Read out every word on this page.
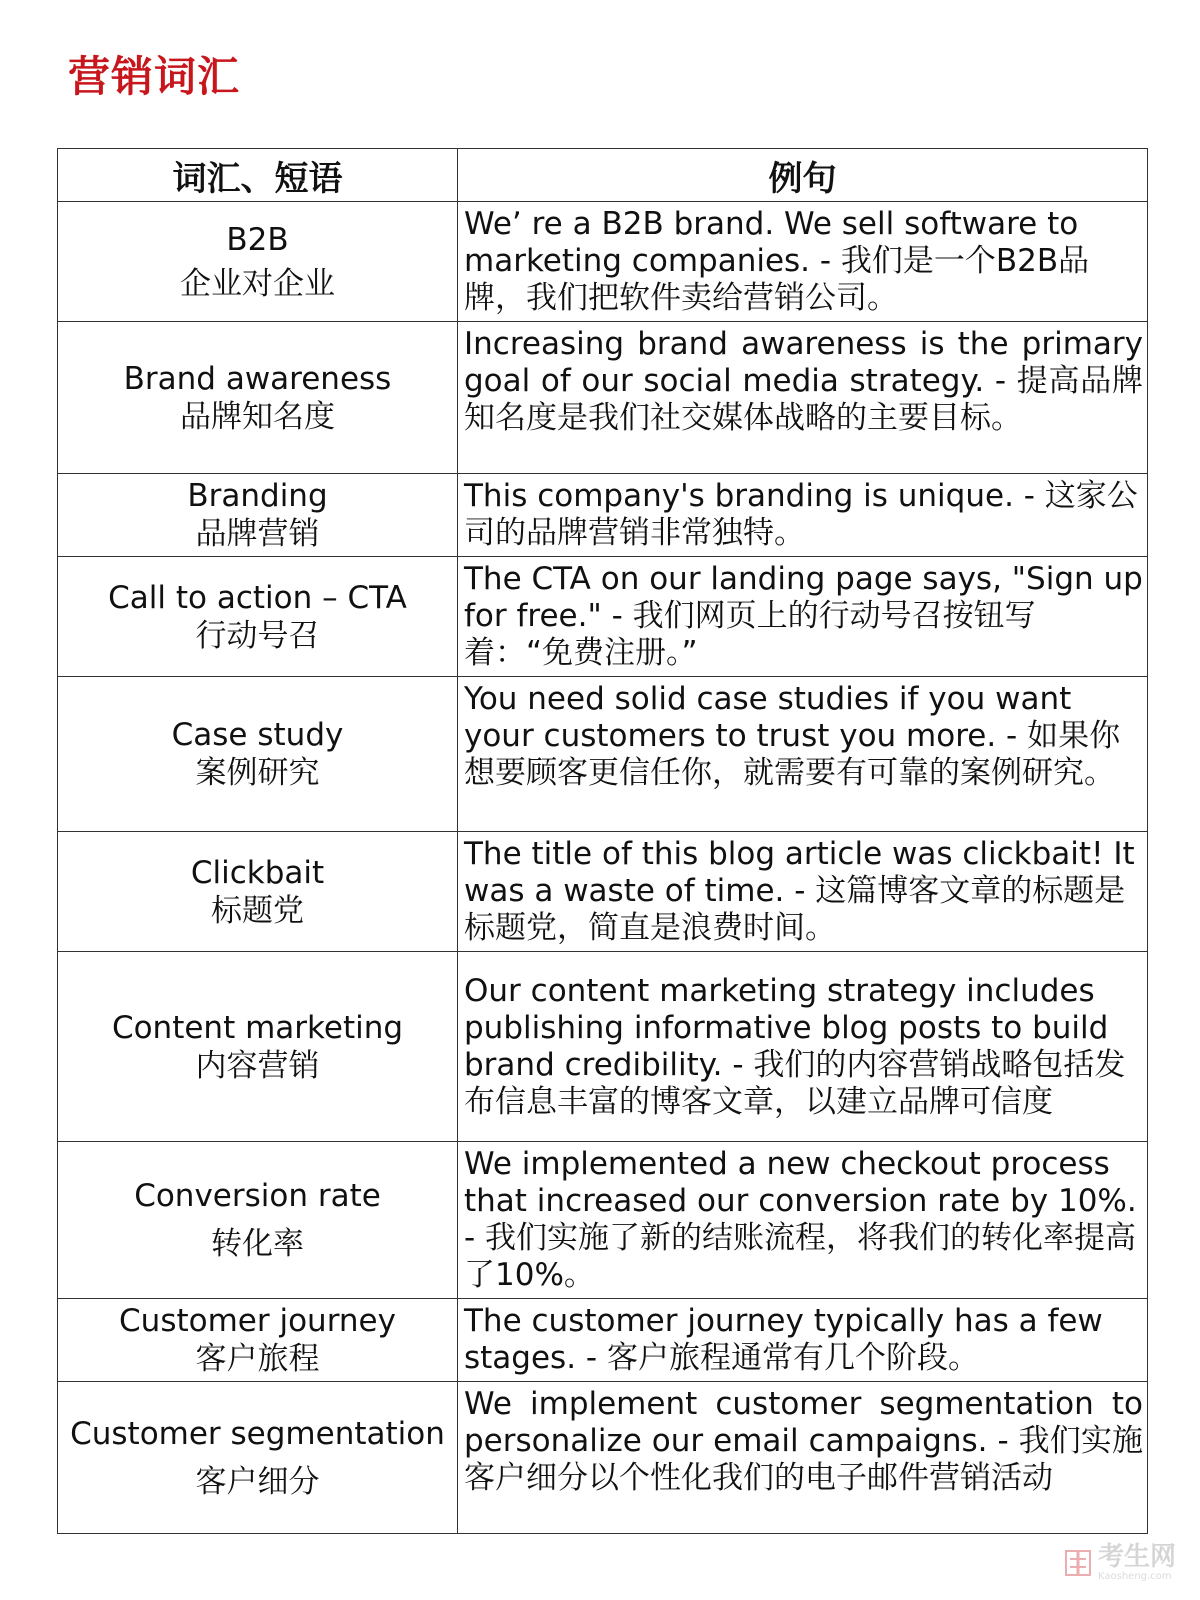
营销词汇
词汇、短语	例句

B2B
企业对企业	We’ re a B2B brand. We sell software to marketing companies. - 我们是一个B2B品牌，我们把软件卖给营销公司。

Brand awareness
品牌知名度	Increasing brand awareness is the primary goal of our social media strategy. - 提高品牌知名度是我们社交媒体战略的主要目标。

Branding
品牌营销	This company's branding is unique. - 这家公司的品牌营销非常独特。

Call to action – CTA
行动号召	The CTA on our landing page says, "Sign up for free." - 我们网页上的行动号召按钮写着：“免费注册。”

Case study
案例研究	You need solid case studies if you want your customers to trust you more. - 如果你想要顾客更信任你，就需要有可靠的案例研究。

Clickbait
标题党	The title of this blog article was clickbait! It was a waste of time. - 这篇博客文章的标题是标题党，简直是浪费时间。

Content marketing
内容营销	Our content marketing strategy includes publishing informative blog posts to build brand credibility. - 我们的内容营销战略包括发布信息丰富的博客文章，以建立品牌可信度

Conversion rate
转化率	We implemented a new checkout process that increased our conversion rate by 10%. - 我们实施了新的结账流程，将我们的转化率提高了10%。

Customer journey
客户旅程	The customer journey typically has a few stages. - 客户旅程通常有几个阶段。

Customer segmentation
客户细分	We implement customer segmentation to personalize our email campaigns. - 我们实施客户细分以个性化我们的电子邮件营销活动
考生网
Kaosheng.com
